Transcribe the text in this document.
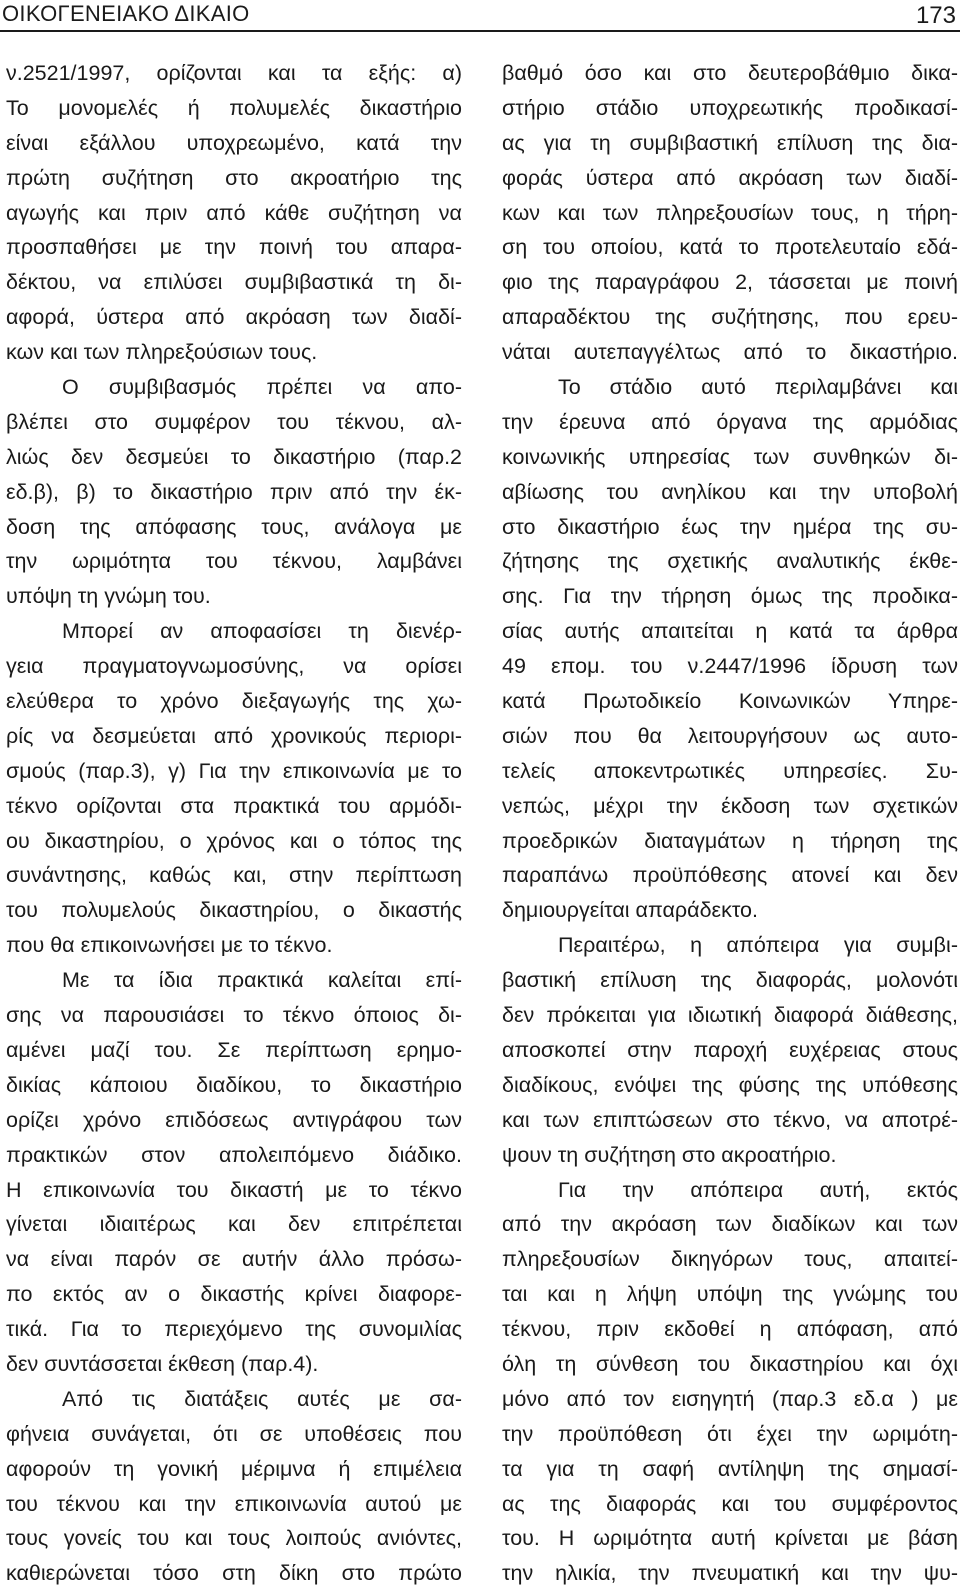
ΟΙΚΟΓΕΝΕΙΑΚΟ ΔΙΚΑΙΟ	173
ν.2521/1997, ορίζονται και τα εξής: α)
Το μονομελές ή πολυμελές δικαστήριο
είναι εξάλλου υποχρεωμένο, κατά την
πρώτη συζήτηση στο ακροατήριο της
αγωγής και πριν από κάθε συζήτηση να
προσπαθήσει με την ποινή του απαρα-
δέκτου, να επιλύσει συμβιβαστικά τη δι-
αφορά, ύστερα από ακρόαση των διαδί-
κων και των πληρεξούσιων τους.
Ο συμβιβασμός πρέπει να απο-
βλέπει στο συμφέρον του τέκνου, αλ-
λιώς δεν δεσμεύει το δικαστήριο (παρ.2
εδ.β), β) το δικαστήριο πριν από την έκ-
δοση της απόφασης τους, ανάλογα με
την ωριμότητα του τέκνου, λαμβάνει
υπόψη τη γνώμη του.
Μπορεί αν αποφασίσει τη διενέρ-
γεια πραγματογνωμοσύνης, να ορίσει
ελεύθερα το χρόνο διεξαγωγής της χω-
ρίς να δεσμεύεται από χρονικούς περιορι-
σμούς (παρ.3), γ) Για την επικοινωνία με το
τέκνο ορίζονται στα πρακτικά του αρμόδι-
ου δικαστηρίου, ο χρόνος και ο τόπος της
συνάντησης, καθώς και, στην περίπτωση
του πολυμελούς δικαστηρίου, ο δικαστής
που θα επικοινωνήσει με το τέκνο.
Με τα ίδια πρακτικά καλείται επί-
σης να παρουσιάσει το τέκνο όποιος δι-
αμένει μαζί του. Σε περίπτωση ερημο-
δικίας κάποιου διαδίκου, το δικαστήριο
ορίζει χρόνο επιδόσεως αντιγράφου των
πρακτικών στον απολειπόμενο διάδικο.
Η επικοινωνία του δικαστή με το τέκνο
γίνεται ιδιαιτέρως και δεν επιτρέπεται
να είναι παρόν σε αυτήν άλλο πρόσω-
πο εκτός αν ο δικαστής κρίνει διαφορε-
τικά. Για το περιεχόμενο της συνομιλίας
δεν συντάσσεται έκθεση (παρ.4).
Από τις διατάξεις αυτές με σα-
φήνεια συνάγεται, ότι σε υποθέσεις που
αφορούν τη γονική μέριμνα ή επιμέλεια
του τέκνου και την επικοινωνία αυτού με
τους γονείς του και τους λοιπούς ανιόντες,
καθιερώνεται τόσο στη δίκη στο πρώτο
βαθμό όσο και στο δευτεροβάθμιο δικα-
στήριο στάδιο υποχρεωτικής προδικασί-
ας για τη συμβιβαστική επίλυση της δια-
φοράς ύστερα από ακρόαση των διαδί-
κων και των πληρεξουσίων τους, η τήρη-
ση του οποίου, κατά το προτελευταίο εδά-
φιο της παραγράφου 2, τάσσεται με ποινή
απαραδέκτου της συζήτησης, που ερευ-
νάται αυτεπαγγέλτως από το δικαστήριο.
Το στάδιο αυτό περιλαμβάνει και
την έρευνα από όργανα της αρμόδιας
κοινωνικής υπηρεσίας των συνθηκών δι-
αβίωσης του ανηλίκου και την υποβολή
στο δικαστήριο έως την ημέρα της συ-
ζήτησης της σχετικής αναλυτικής έκθε-
σης. Για την τήρηση όμως της προδικα-
σίας αυτής απαιτείται η κατά τα άρθρα
49 επομ. του ν.2447/1996 ίδρυση των
κατά Πρωτοδικείο Κοινωνικών Υπηρε-
σιών που θα λειτουργήσουν ως αυτο-
τελείς αποκεντρωτικές υπηρεσίες. Συ-
νεπώς, μέχρι την έκδοση των σχετικών
προεδρικών διαταγμάτων η τήρηση της
παραπάνω προϋπόθεσης ατονεί και δεν
δημιουργείται απαράδεκτο.
Περαιτέρω, η απόπειρα για συμβι-
βαστική επίλυση της διαφοράς, μολονότι
δεν πρόκειται για ιδιωτική διαφορά διάθεσης,
αποσκοπεί στην παροχή ευχέρειας στους
διαδίκους, ενόψει της φύσης της υπόθεσης
και των επιπτώσεων στο τέκνο, να αποτρέ-
ψουν τη συζήτηση στο ακροατήριο.
Για την απόπειρα αυτή, εκτός
από την ακρόαση των διαδίκων και των
πληρεξουσίων δικηγόρων τους, απαιτεί-
ται και η λήψη υπόψη της γνώμης του
τέκνου, πριν εκδοθεί η απόφαση, από
όλη τη σύνθεση του δικαστηρίου και όχι
μόνο από τον εισηγητή (παρ.3 εδ.α ) με
την προϋπόθεση ότι έχει την ωριμότη-
τα για τη σαφή αντίληψη της σημασί-
ας της διαφοράς και του συμφέροντος
του. Η ωριμότητα αυτή κρίνεται με βάση
την ηλικία, την πνευματική και την ψυ-
